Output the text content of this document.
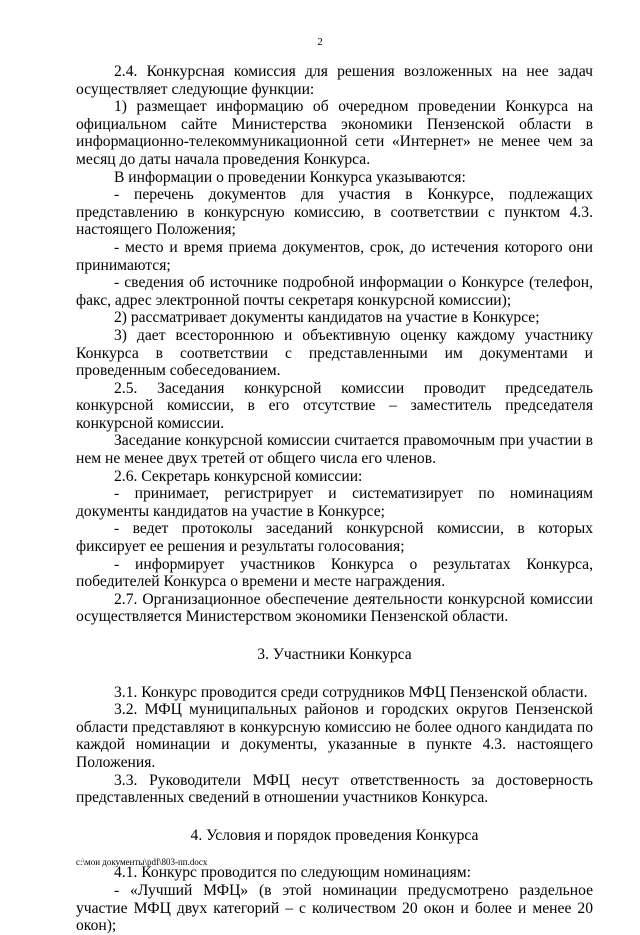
2

2.4. Конкурсная комиссия для решения возложенных на нее задач осуществляет следующие функции:

1) размещает информацию об очередном проведении Конкурса на официальном сайте Министерства экономики Пензенской области в информационно-телекоммуникационной сети «Интернет» не менее чем за месяц до даты начала проведения Конкурса.

В информации о проведении Конкурса указываются:

- перечень документов для участия в Конкурсе, подлежащих представлению в конкурсную комиссию, в соответствии с пунктом 4.3. настоящего Положения;

- место и время приема документов, срок, до истечения которого они принимаются;

- сведения об источнике подробной информации о Конкурсе (телефон, факс, адрес электронной почты секретаря конкурсной комиссии);

2) рассматривает документы кандидатов на участие в Конкурсе;

3) дает всестороннюю и объективную оценку каждому участнику Конкурса в соответствии с представленными им документами и проведенным собеседованием.

2.5. Заседания конкурсной комиссии проводит председатель конкурсной комиссии, в его отсутствие – заместитель председателя конкурсной комиссии.

Заседание конкурсной комиссии считается правомочным при участии в нем не менее двух третей от общего числа его членов.

2.6. Секретарь конкурсной комиссии:

- принимает, регистрирует и систематизирует по номинациям документы кандидатов на участие в Конкурсе;

- ведет протоколы заседаний конкурсной комиссии, в которых фиксирует ее решения и результаты голосования;

- информирует участников Конкурса о результатах Конкурса, победителей Конкурса о времени и месте награждения.

2.7. Организационное обеспечение деятельности конкурсной комиссии осуществляется Министерством экономики Пензенской области.

3. Участники Конкурса

3.1. Конкурс проводится среди сотрудников МФЦ Пензенской области.

3.2. МФЦ муниципальных районов и городских округов Пензенской области представляют в конкурсную комиссию не более одного кандидата по каждой номинации и документы, указанные в пункте 4.3. настоящего Положения.

3.3. Руководители МФЦ несут ответственность за достоверность представленных сведений в отношении участников Конкурса.

4. Условия и порядок проведения Конкурса

4.1. Конкурс проводится по следующим номинациям:

- «Лучший МФЦ» (в этой номинации предусмотрено раздельное участие МФЦ двух категорий – с количеством 20 окон и более и менее 20 окон);

c:\мои документы\pdf\803-пп.docx
